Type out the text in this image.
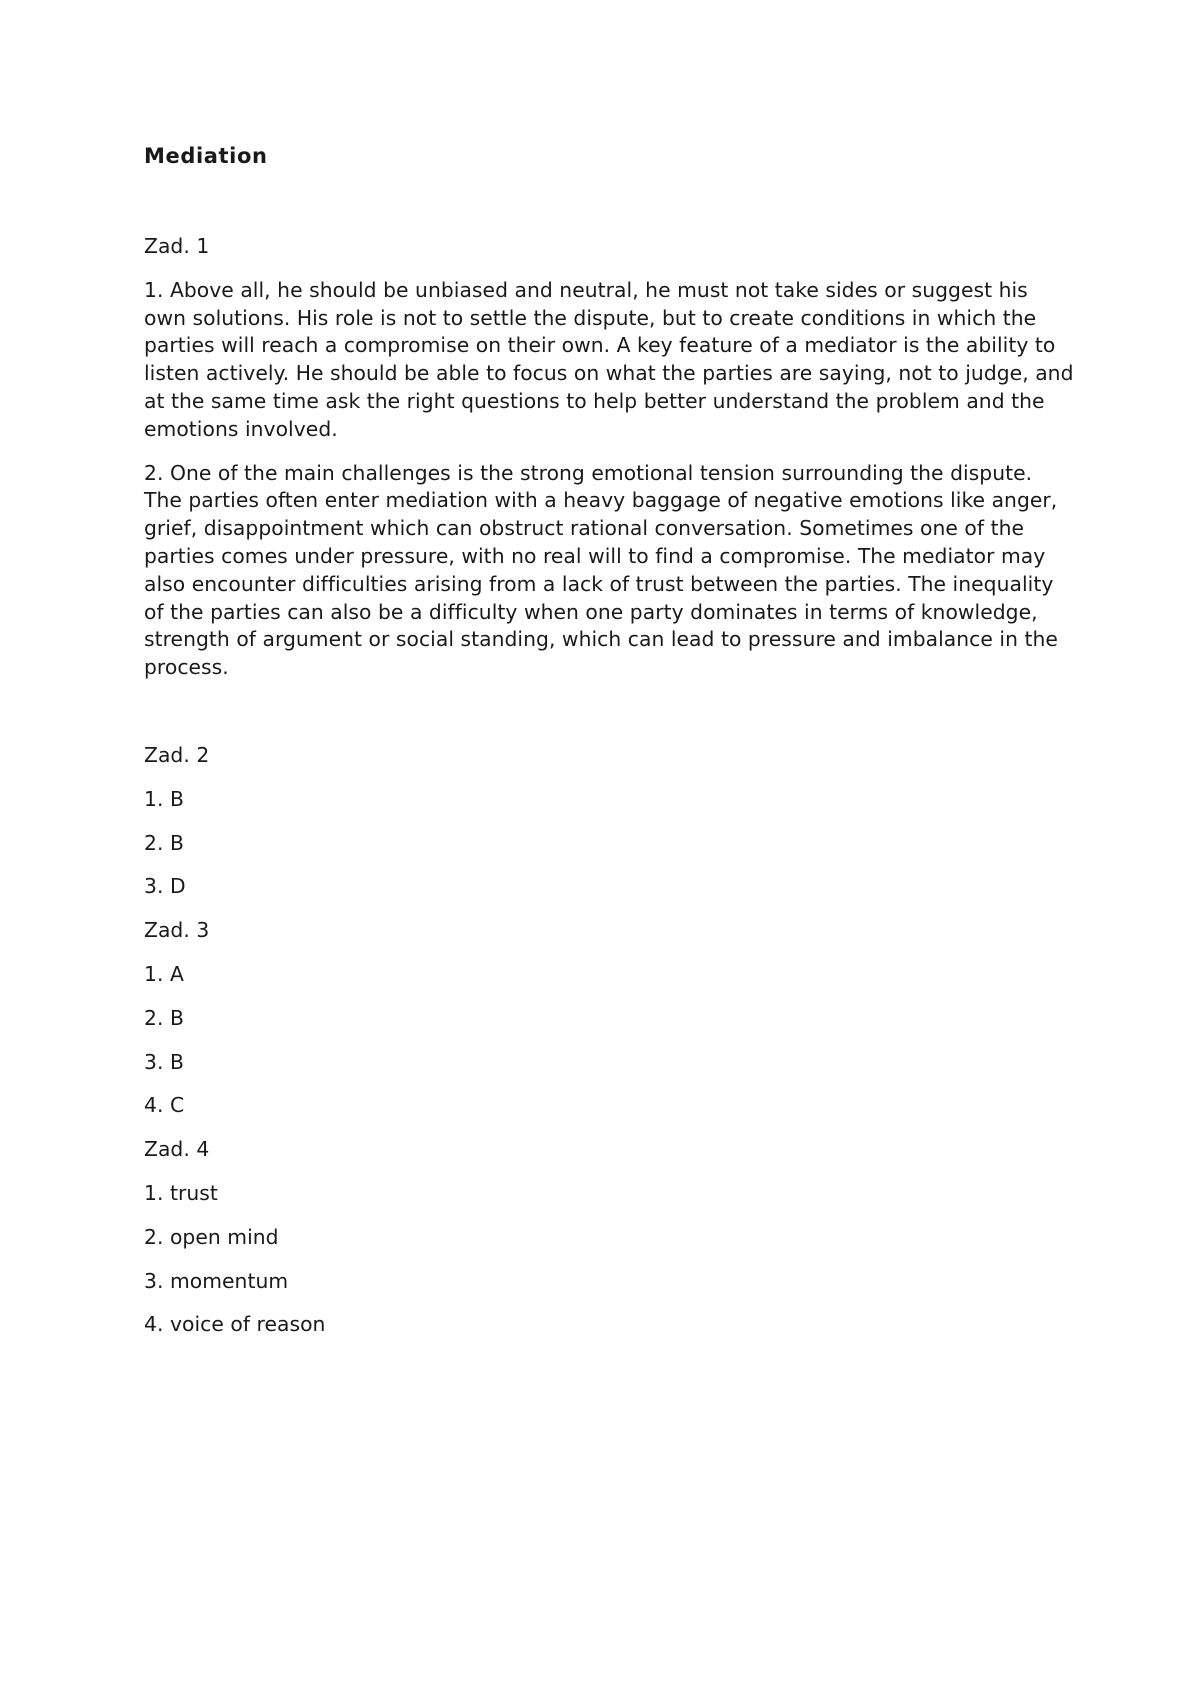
Mediation

Zad. 1

1. Above all, he should be unbiased and neutral, he must not take sides or suggest his own solutions. His role is not to settle the dispute, but to create conditions in which the parties will reach a compromise on their own. A key feature of a mediator is the ability to listen actively. He should be able to focus on what the parties are saying, not to judge, and at the same time ask the right questions to help better understand the problem and the emotions involved.

2. One of the main challenges is the strong emotional tension surrounding the dispute. The parties often enter mediation with a heavy baggage of negative emotions like anger, grief, disappointment which can obstruct rational conversation. Sometimes one of the parties comes under pressure, with no real will to find a compromise. The mediator may also encounter difficulties arising from a lack of trust between the parties. The inequality of the parties can also be a difficulty when one party dominates in terms of knowledge, strength of argument or social standing, which can lead to pressure and imbalance in the process.

Zad. 2

1. B

2. B

3. D

Zad. 3

1. A

2. B

3. B

4. C

Zad. 4

1. trust

2. open mind

3. momentum

4. voice of reason
